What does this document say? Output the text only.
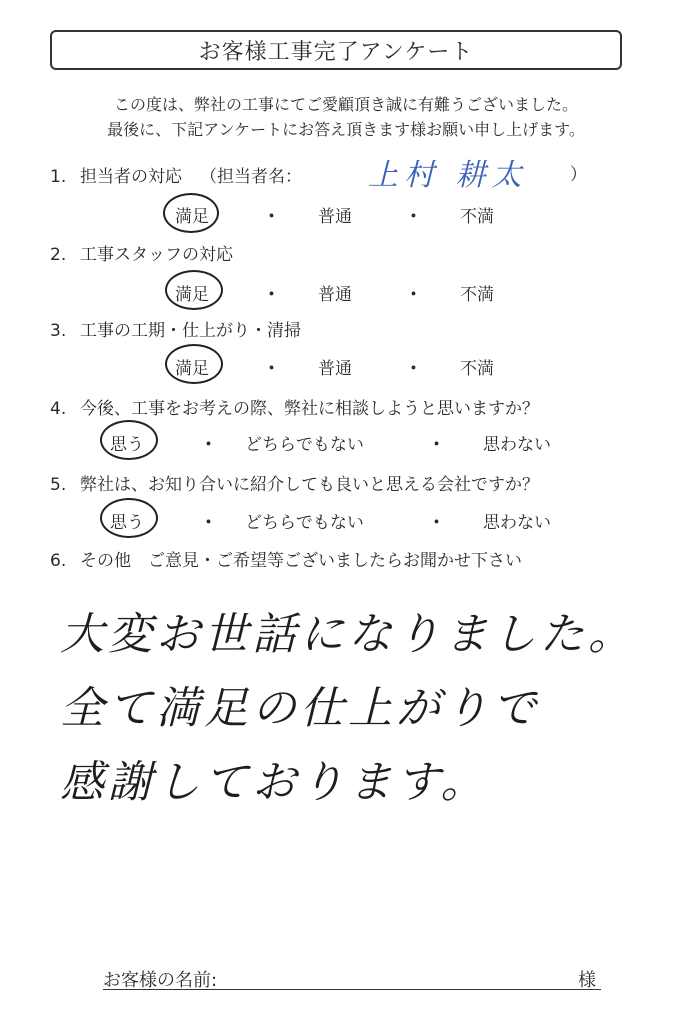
お客様工事完了アンケート
この度は、弊社の工事にてご愛顧頂き誠に有難うございました。
最後に、下記アンケートにお答え頂きます様お願い申し上げます。
1. 担当者の対応 （担当者名： 上村 耕太 ）
満足	・ 普通	・ 不満
2. 工事スタッフの対応
満足	・ 普通	・ 不満
3. 工事の工期・仕上がり・清掃
満足	・ 普通	・ 不満
4. 今後、工事をお考えの際、弊社に相談しようと思いますか？
思う	・ どちらでもない	・ 思わない
5. 弊社は、お知り合いに紹介しても良いと思える会社ですか？
思う	・ どちらでもない	・ 思わない
6. その他　ご意見・ご希望等ございましたらお聞かせ下さい
大変お世話になりました。
全て満足の仕上がりで
感謝しております。
お客様の名前:	様
